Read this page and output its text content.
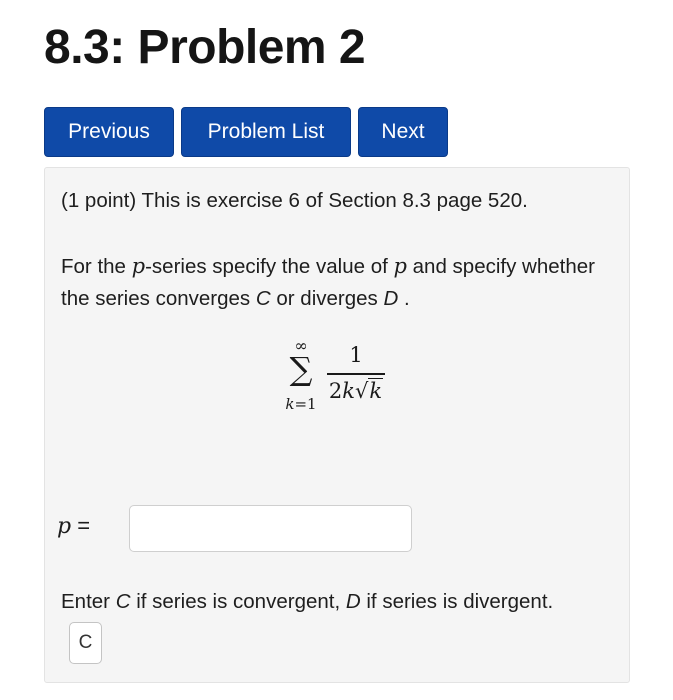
8.3: Problem 2
Previous	Problem List	Next
(1 point) This is exercise 6 of Section 8.3 page 520.
For the p-series specify the value of p and specify whether the series converges C or diverges D .
∞
∑
k=1
1
2k√k
p =
Enter C if series is convergent, D if series is divergent.
C
